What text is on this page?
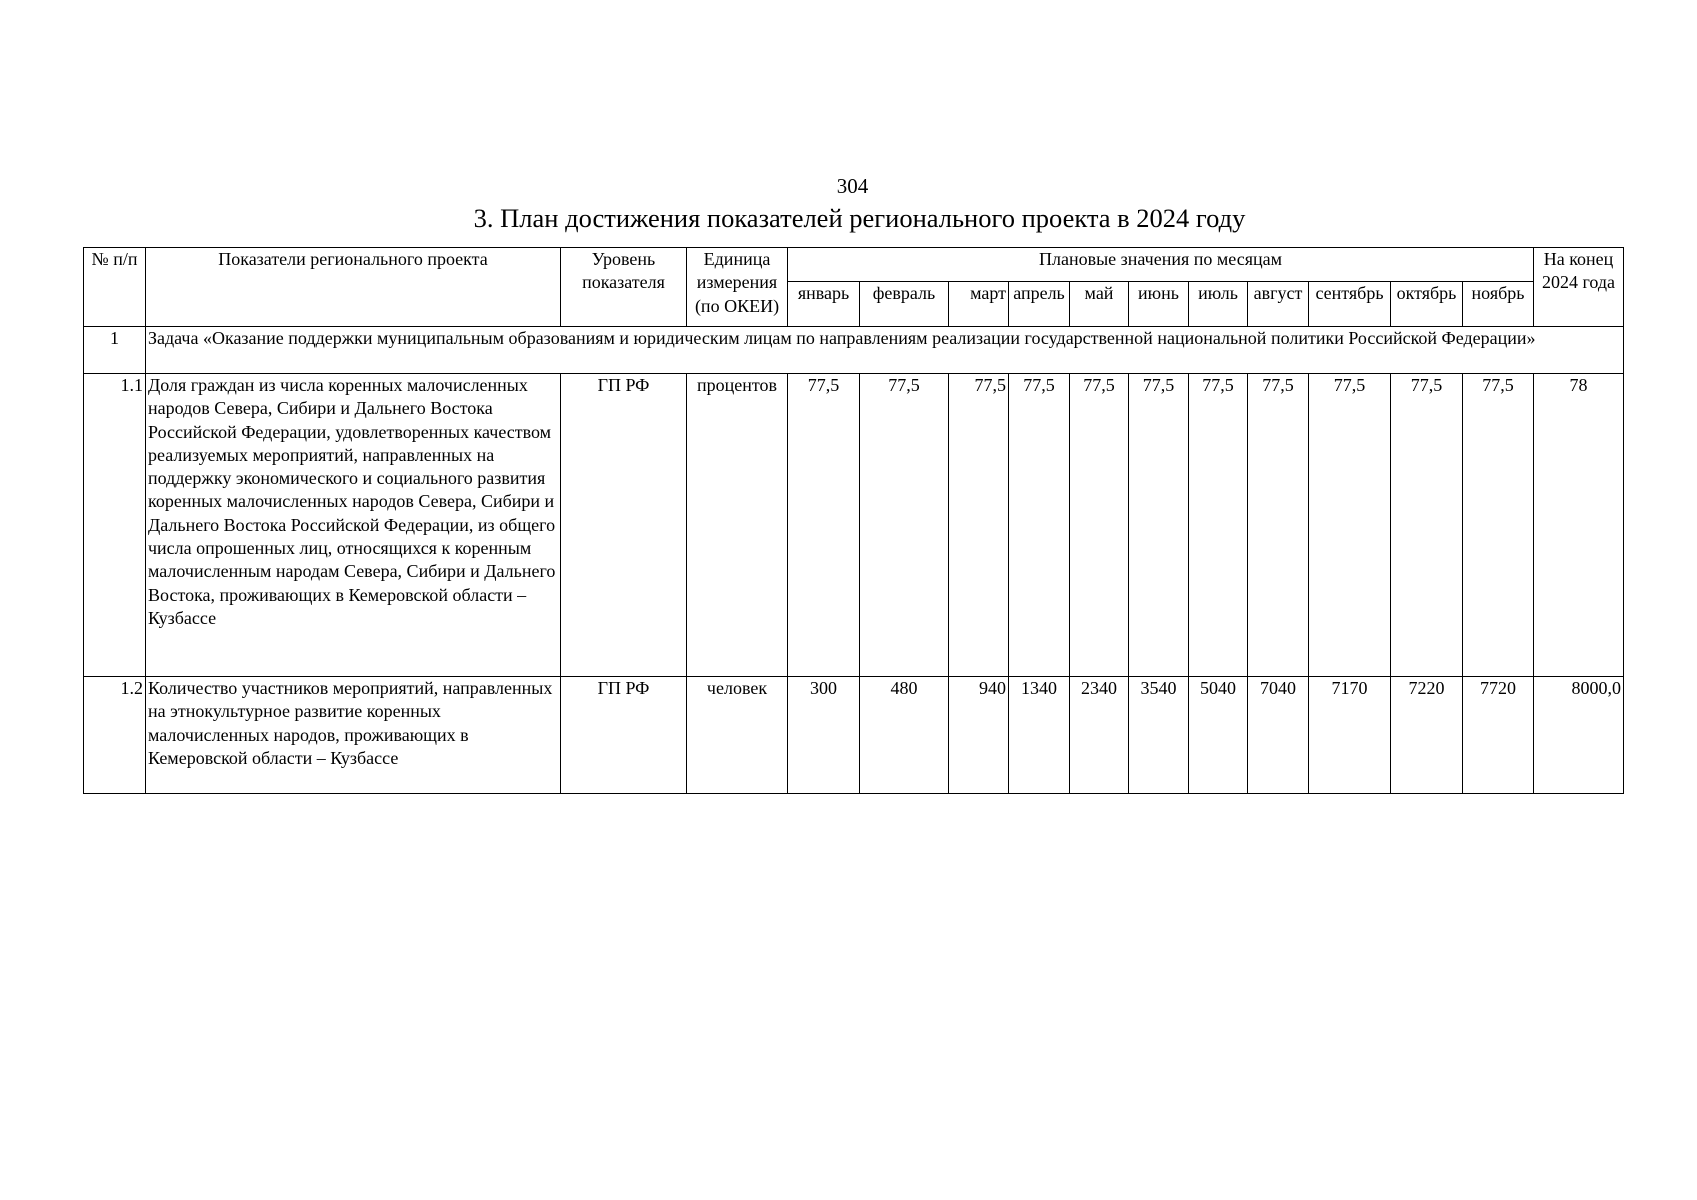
304
3. План достижения показателей регионального проекта в 2024 году
№ п/п	Показатели регионального проекта	Уровень показателя	Единица измерения (по ОКЕИ)	Плановые значения по месяцам											На конец 2024 года
				январь	февраль	март	апрель	май	июнь	июль	август	сентябрь	октябрь	ноябрь	
1	Задача «Оказание поддержки муниципальным образованиям и юридическим лицам по направлениям реализации государственной национальной политики Российской Федерации»														
1.1	Доля граждан из числа коренных малочисленных народов Севера, Сибири и Дальнего Востока Российской Федерации, удовлетворенных качеством реализуемых мероприятий, направленных на поддержку экономического и социального развития коренных малочисленных народов Севера, Сибири и Дальнего Востока Российской Федерации, из общего числа опрошенных лиц, относящихся к коренным малочисленным народам Севера, Сибири и Дальнего Востока, проживающих в Кемеровской области – Кузбассе	ГП РФ	процентов	77,5	77,5	77,5	77,5	77,5	77,5	77,5	77,5	77,5	77,5	77,5	78
1.2	Количество участников мероприятий, направленных на этнокультурное развитие коренных малочисленных народов, проживающих в Кемеровской области – Кузбассе	ГП РФ	человек	300	480	940	1340	2340	3540	5040	7040	7170	7220	7720	8000,0
